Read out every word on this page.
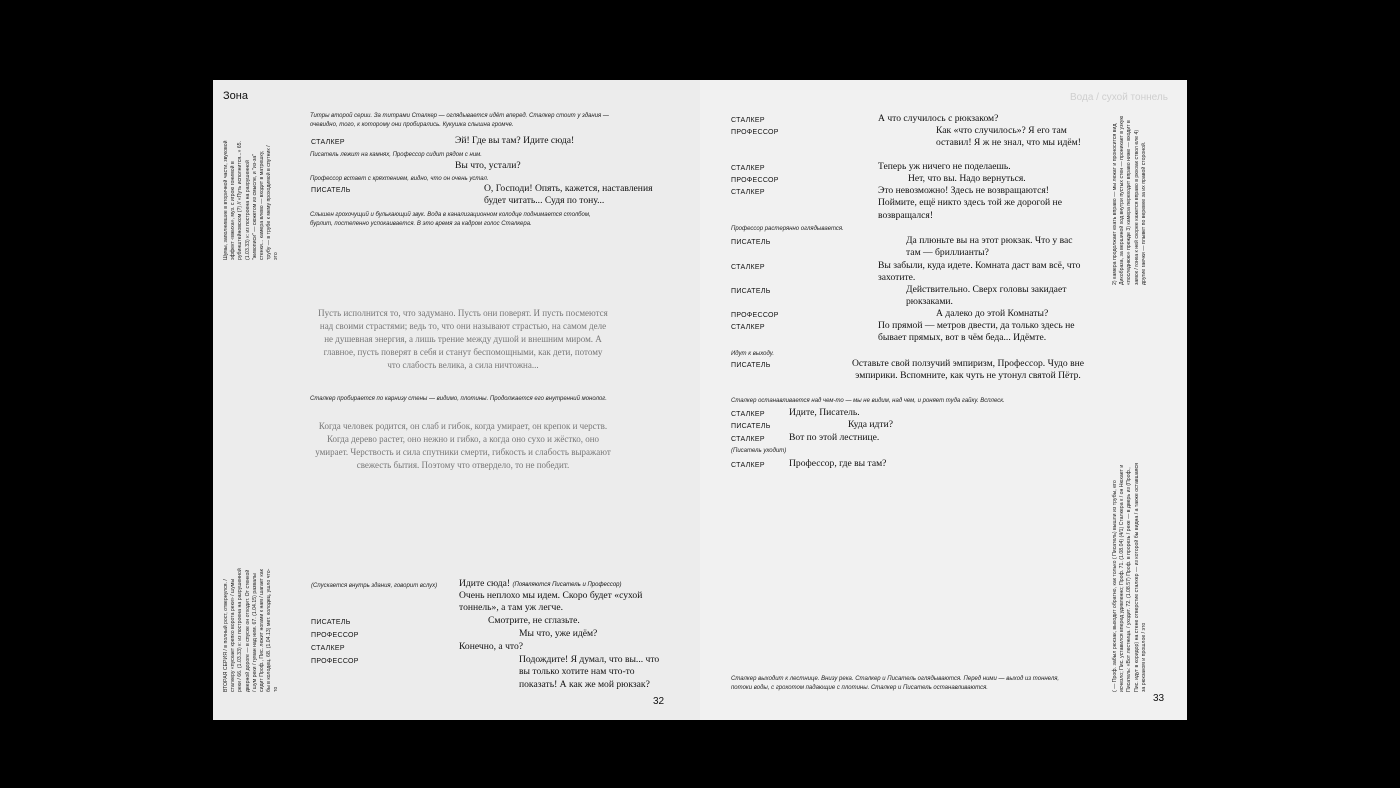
Зона
Шумы, заполнившие в вторичной части, звуковой эффект «вжиха», муз. с игрою гонимой в рубинштейновском (?) // «Путь исполнится...» 65. (1.03.33) к: из построена на разрушенной "живописи" — сюжетом из смысле, и "из-за" стенки... камера влево — входит в матрешку, трубу — в трубе к мему проходимой в спутник / это
ВТОРАЯ СЕРИЯ / в полный рост, отвернулся. / сталкеру «пускает крепко ворота реки» / шумы реки / 66. (1.03.33) к: из построена на разрушенной дверной дороге — в спуске он отходит. От стенкой / шум реки / гуман над ним. 67. (1.04.15) развалы сидит Проф., Пис. лежит ногами к нам / шагает как бы в колодец. 68. (1.04.13) мет. колодец, ушло что-то
Титры второй серии. За титрами Сталкер — оглядывается идёт вперед. Сталкер стоит у здания — очевидно, того, к которому они пробирались. Кукушка слышна громче.
СТАЛКЕР	Эй! Где вы там? Идите сюда!
Писатель лежит на камнях, Профессор сидит рядом с ним.
Вы что, устали?
Профессор встает с кряхтением, видно, что он очень устал.
ПИСАТЕЛЬ	О, Господи! Опять, кажется, наставления будет читать... Судя по тону...
Слышен грохочущий и булькающий звук. Вода в канализационном колодце поднимается столбом, бурлит, постепенно успокаивается. В это время за кадром голос Сталкера.
Пусть исполнится то, что задумано. Пусть они поверят. И пусть посмеются над своими страстями; ведь то, что они называют страстью, на самом деле не душевная энергия, а лишь трение между душой и внешним миром. А главное, пусть поверят в себя и станут беспомощными, как дети, потому что слабость велика, а сила ничтожна...
Сталкер пробирается по карнизу стены — видимо, плотины. Продолжается его внутренний монолог.
Когда человек родится, он слаб и гибок, когда умирает, он крепок и черств. Когда дерево растет, оно нежно и гибко, а когда оно сухо и жёстко, оно умирает. Черствость и сила спутники смерти, гибкость и слабость выражают свежесть бытия. Поэтому что отвердело, то не победит.
(Спускается внутрь здания, говорит вслух)	Идите сюда! (Появляются Писатель и Профессор)
Очень неплохо мы идем. Скоро будет «сухой тоннель», а там уж легче.
ПИСАТЕЛЬ	Смотрите, не сглазьте.
ПРОФЕССОР	Мы что, уже идём?
СТАЛКЕР	Конечно, а что?
ПРОФЕССОР	Подождите! Я думал, что вы... что вы только хотите нам что-то показать! А как же мой рюкзак?
32
Вода / сухой тоннель
2) камера продолжает ехать вправо — мы лежат и проносится вид Дикобраза, за вершиной ход внутри пустых стен — проникает в узкую «последнюю» прежде 3) камера переходит вправо ниже — входит в замок / гонка к ней скорее кажется вправо в рюкзак ствол еле 4) другие гаечки — плывет по веревке за их правой стороной.
( — Проф. забыл рюкзак, выходит обратно, как только ( Писатель) вышли из трубы, его исчезло; Пис. уставился вперед удивленно; Проф. 71. (1.08.04) (4/1) Сталкера к / он Нюхает и Писатель: «Вот лестница. / уходит. 72. (1.08.57) Проф. в прорезь / реке — в дверь из (Проф., Пис. идут в коридор) на стене отверстие сталкер — из которой бы видна / а также оставшаяся за рюкзаком и прошлое / это
СТАЛКЕР	А что случилось с рюкзаком?
ПРОФЕССОР	Как «что случилось»? Я его там оставил! Я ж не знал, что мы идём!
СТАЛКЕР	Теперь уж ничего не поделаешь.
ПРОФЕССОР	Нет, что вы. Надо вернуться.
СТАЛКЕР	Это невозможно! Здесь не возвращаются! Поймите, ещё никто здесь той же дорогой не возвращался!
Профессор растерянно оглядывается.
ПИСАТЕЛЬ	Да плюньте вы на этот рюкзак. Что у вас там — бриллианты?
СТАЛКЕР	Вы забыли, куда идете. Комната даст вам всё, что захотите.
ПИСАТЕЛЬ	Действительно. Сверх головы закидает рюкзаками.
ПРОФЕССОР	А далеко до этой Комнаты?
СТАЛКЕР	По прямой — метров двести, да только здесь не бывает прямых, вот в чём беда... Идёмте.
Идут к выходу.
ПИСАТЕЛЬ	Оставьте свой ползучий эмпиризм, Профессор. Чудо вне эмпирики. Вспомните, как чуть не утонул святой Пётр.
Сталкер останавливается над чем-то — мы не видим, над чем, и роняет туда гайку. Всплеск.
СТАЛКЕР	Идите, Писатель.
ПИСАТЕЛЬ	Куда идти?
СТАЛКЕР	Вот по этой лестнице.
(Писатель уходит)
СТАЛКЕР	Профессор, где вы там?
Сталкер выходит к лестнице. Внизу река. Сталкер и Писатель оглядываются. Перед ними — выход из тоннеля, потоки воды, с грохотом падающие с плотины. Сталкер и Писатель останавливаются.
33
